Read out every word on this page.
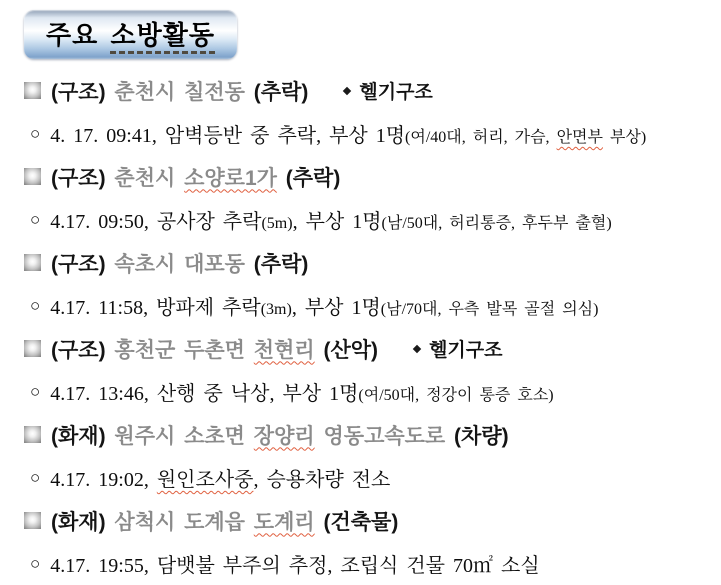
주요 소방활동
(구조) 춘천시 칠전동 (추락)	헬기구조
○ 4. 17. 09:41, 암벽등반 중 추락, 부상 1명(여/40대, 허리, 가슴, 안면부 부상)
(구조) 춘천시 소양로1가 (추락)
○ 4.17. 09:50, 공사장 추락(5m), 부상 1명(남/50대, 허리통증, 후두부 출혈)
(구조) 속초시 대포동 (추락)
○ 4.17. 11:58, 방파제 추락(3m), 부상 1명(남/70대, 우측 발목 골절 의심)
(구조) 홍천군 두촌면 천현리 (산악)	헬기구조
○ 4.17. 13:46, 산행 중 낙상, 부상 1명(여/50대, 정강이 통증 호소)
(화재) 원주시 소초면 장양리 영동고속도로 (차량)
○ 4.17. 19:02, 원인조사중, 승용차량 전소
(화재) 삼척시 도계읍 도계리 (건축물)
○ 4.17. 19:55, 담뱃불 부주의 추정, 조립식 건물 70㎡ 소실
